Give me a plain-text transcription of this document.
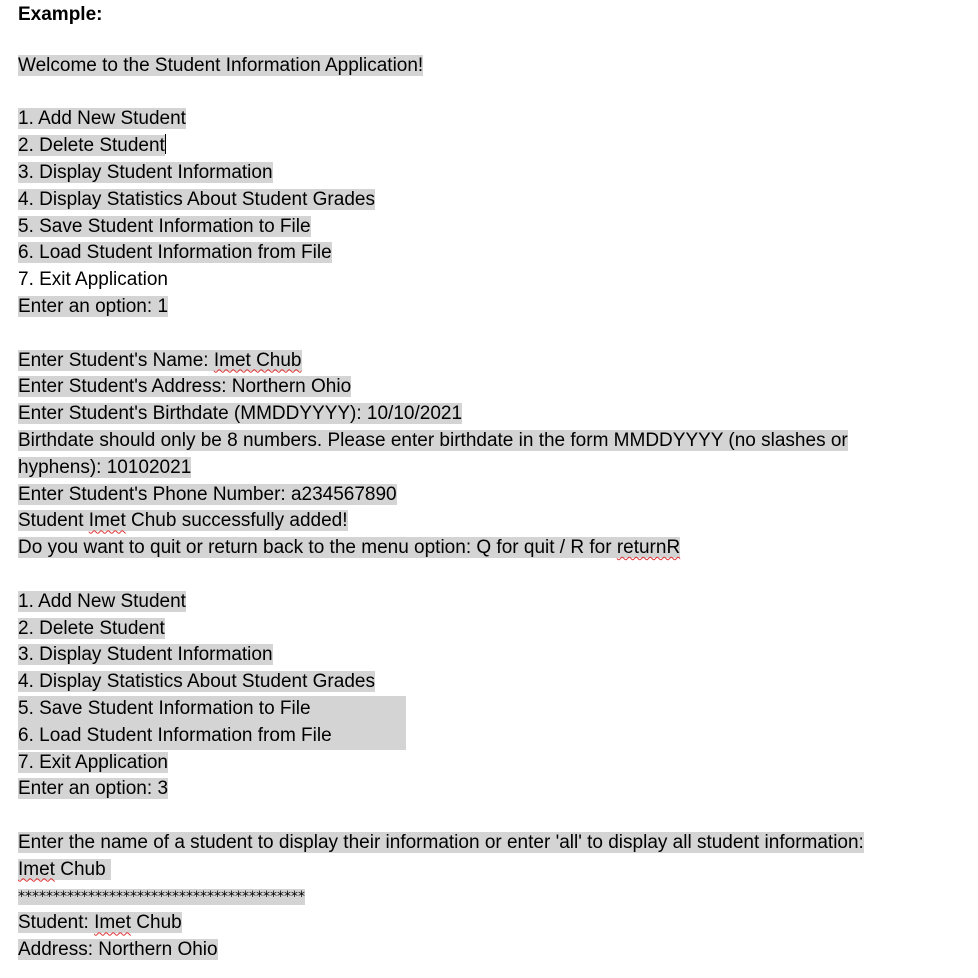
Example:
Welcome to the Student Information Application!
1. Add New Student
2. Delete Student
3. Display Student Information
4. Display Statistics About Student Grades
5. Save Student Information to File
6. Load Student Information from File
7. Exit Application
Enter an option: 1
Enter Student's Name: Imet Chub
Enter Student's Address: Northern Ohio
Enter Student's Birthdate (MMDDYYYY): 10/10/2021
Birthdate should only be 8 numbers. Please enter birthdate in the form MMDDYYYY (no slashes or hyphens): 10102021
Enter Student's Phone Number: a234567890
Student Imet Chub successfully added!
Do you want to quit or return back to the menu option: Q for quit / R for returnR
1. Add New Student
2. Delete Student
3. Display Student Information
4. Display Statistics About Student Grades
5. Save Student Information to File
6. Load Student Information from File
7. Exit Application
Enter an option: 3
Enter the name of a student to display their information or enter 'all' to display all student information:
Imet Chub
*****************************************
Student: Imet Chub
Address: Northern Ohio
